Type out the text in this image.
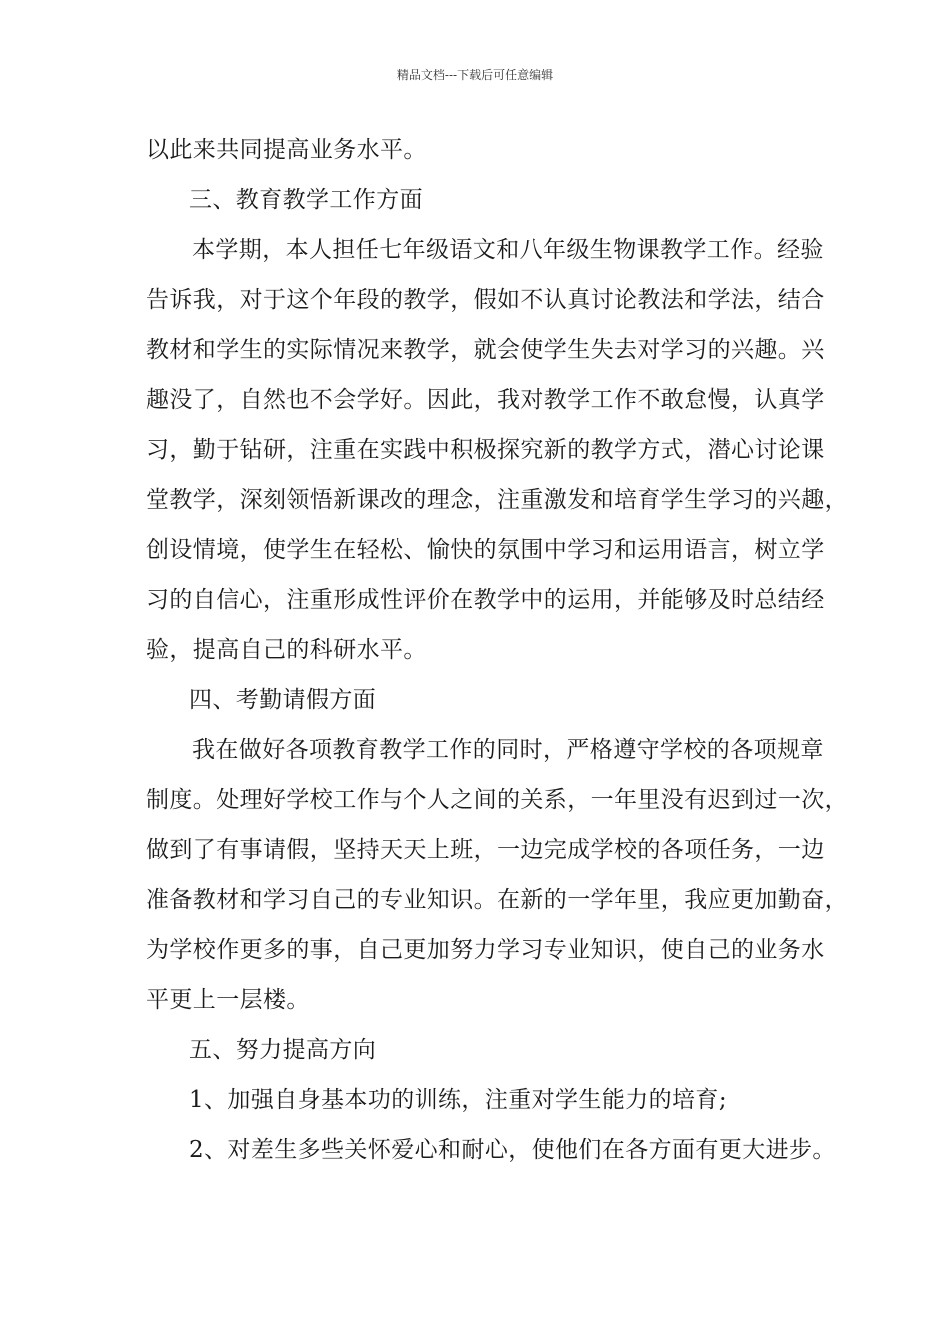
精品文档---下载后可任意编辑
以此来共同提高业务水平。
三、教育教学工作方面
本学期，本人担任七年级语文和八年级生物课教学工作。经验
告诉我，对于这个年段的教学，假如不认真讨论教法和学法，结合
教材和学生的实际情况来教学，就会使学生失去对学习的兴趣。兴
趣没了，自然也不会学好。因此，我对教学工作不敢怠慢，认真学
习，勤于钻研，注重在实践中积极探究新的教学方式，潜心讨论课
堂教学，深刻领悟新课改的理念，注重激发和培育学生学习的兴趣，
创设情境，使学生在轻松、愉快的氛围中学习和运用语言，树立学
习的自信心，注重形成性评价在教学中的运用，并能够及时总结经
验，提高自己的科研水平。
四、考勤请假方面
我在做好各项教育教学工作的同时，严格遵守学校的各项规章
制度。处理好学校工作与个人之间的关系，一年里没有迟到过一次，
做到了有事请假，坚持天天上班，一边完成学校的各项任务，一边
准备教材和学习自己的专业知识。在新的一学年里，我应更加勤奋，
为学校作更多的事，自己更加努力学习专业知识，使自己的业务水
平更上一层楼。
五、努力提高方向
1、加强自身基本功的训练，注重对学生能力的培育;
2、对差生多些关怀爱心和耐心，使他们在各方面有更大进步。
